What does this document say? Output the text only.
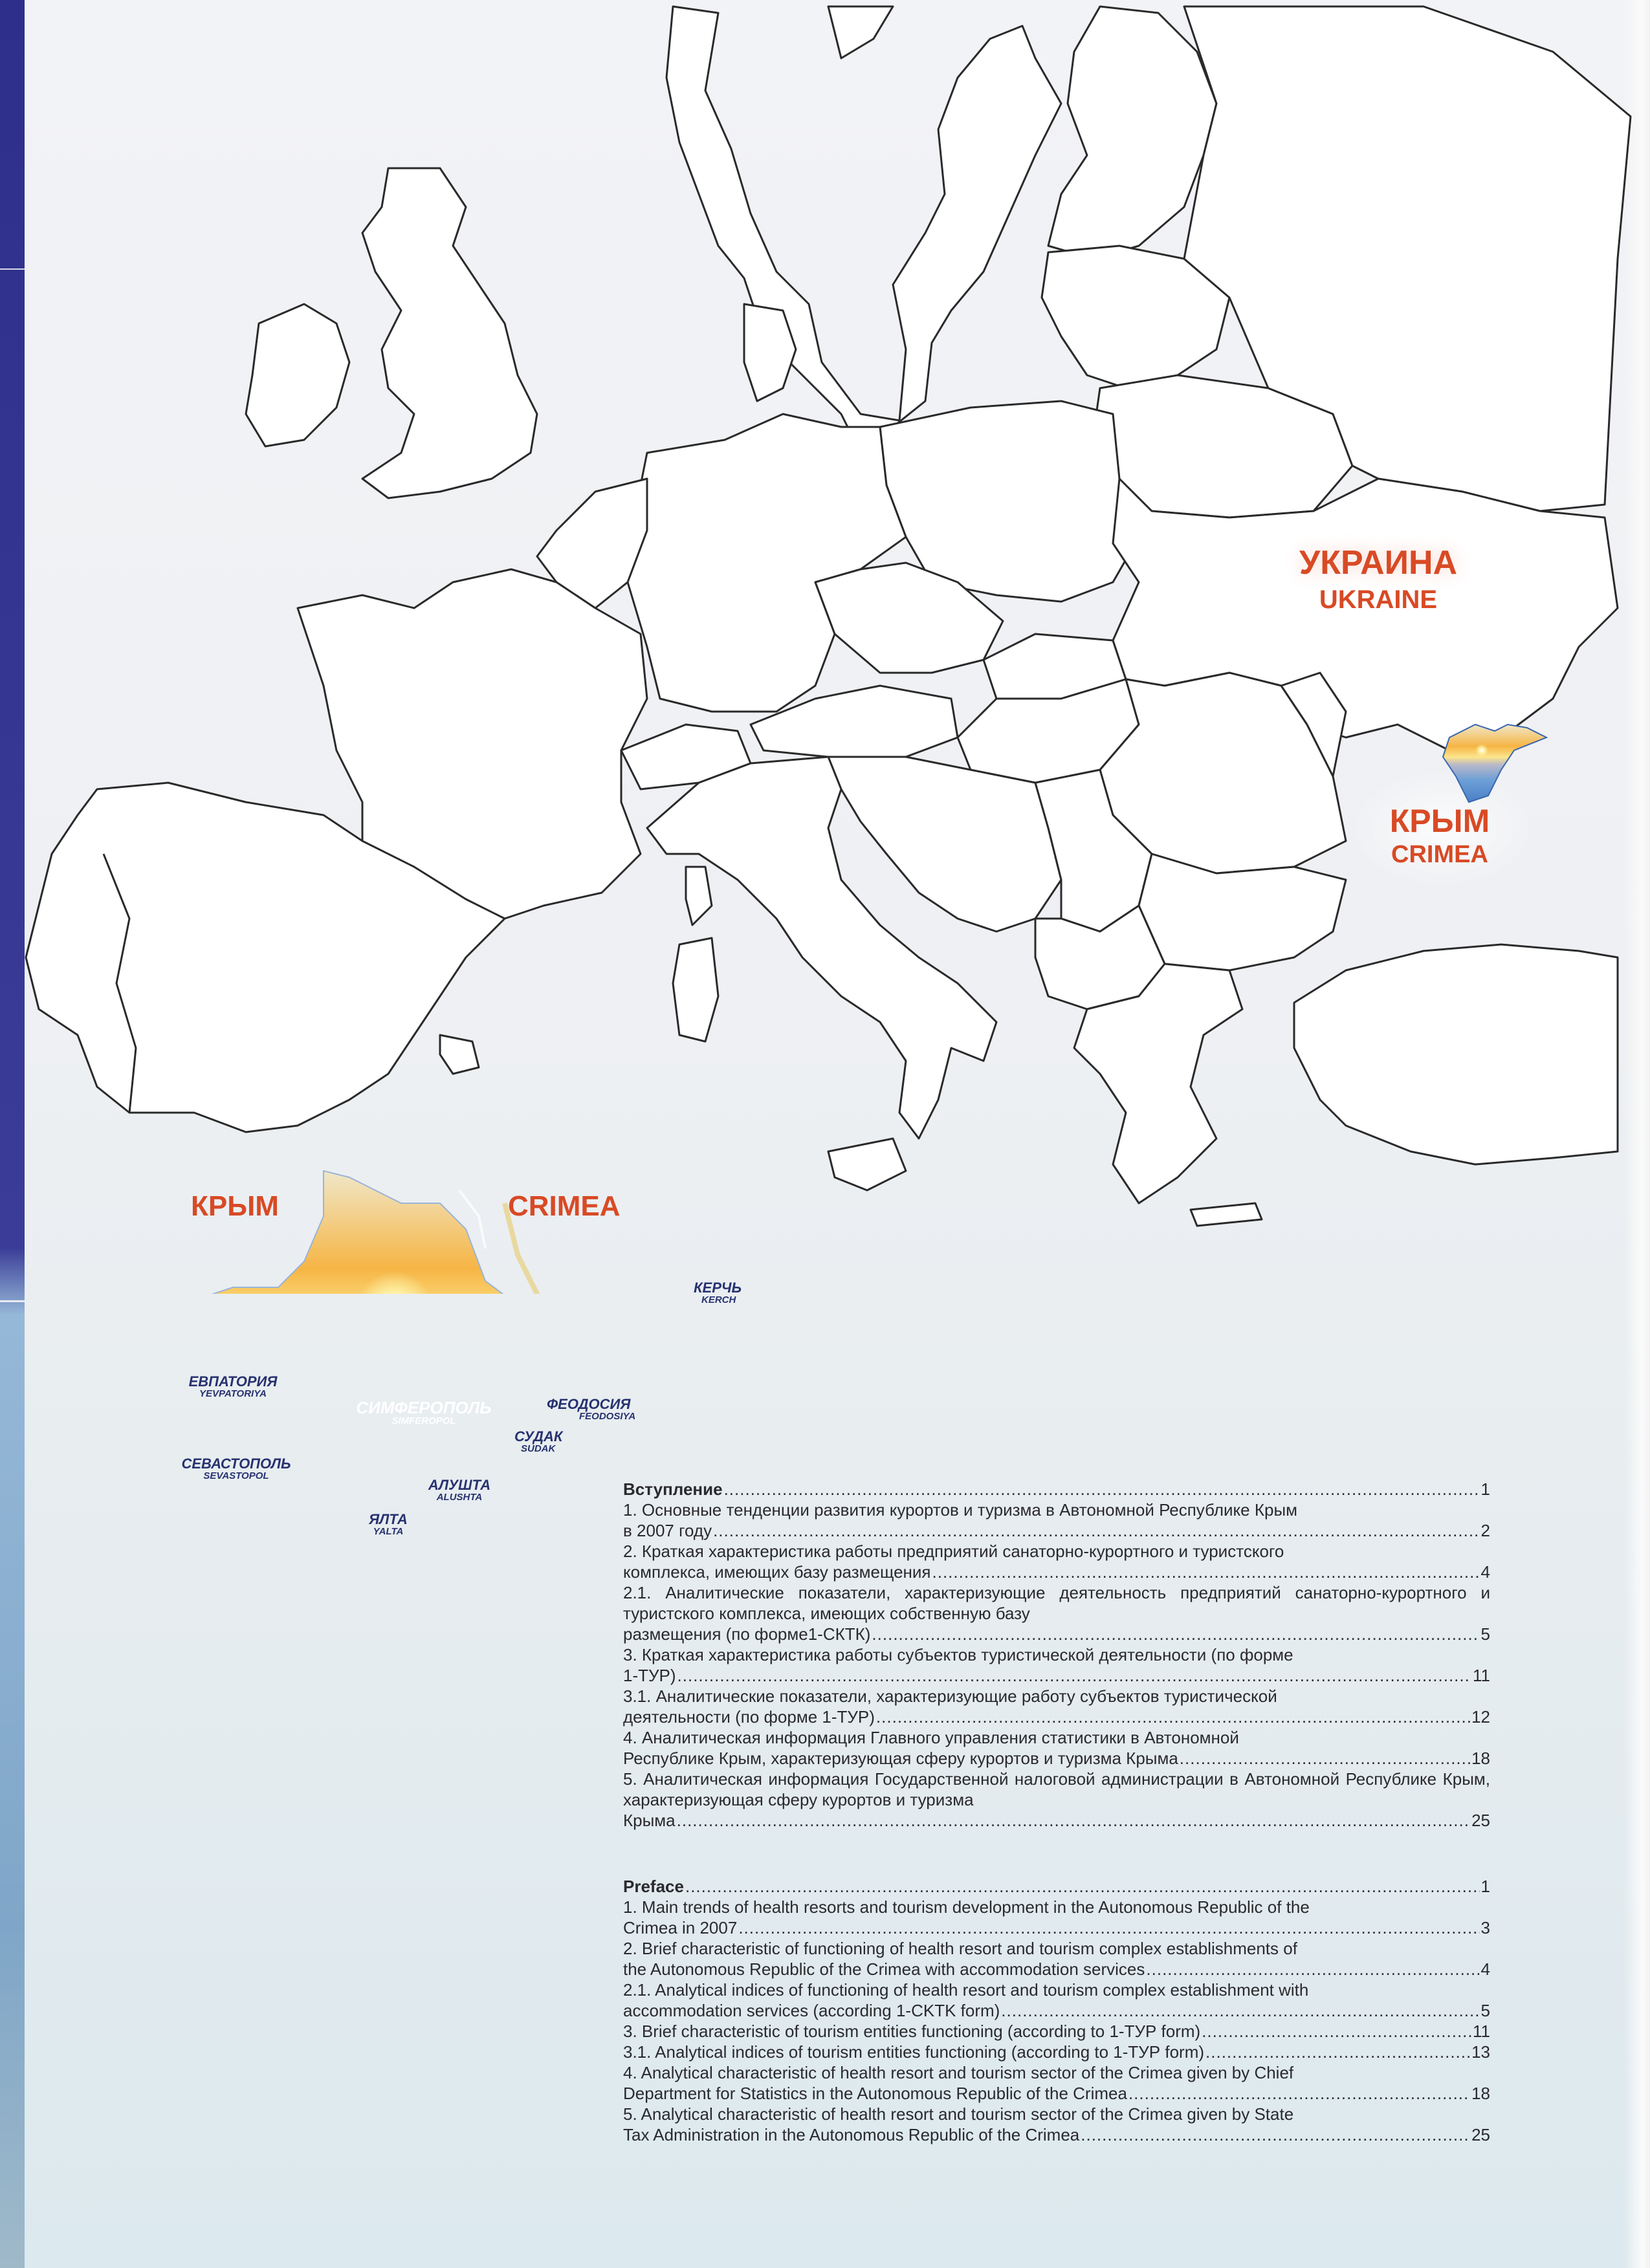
УКРАИНА

UKRAINE

КРЫМ

CRIMEA

КРЫМ	CRIMEA

КЕРЧЬ
KERCH
ЕВПАТОРИЯ
YEVPATORIYA
СИМФЕРОПОЛЬ
SIMFEROPOL
ФЕОДОСИЯ
FEODOSIYA
СУДАК
SUDAK
СЕВАСТОПОЛЬ
SEVASTOPOL
АЛУШТА
ALUSHTA
ЯЛТА
YALTA
Вступление .....	1
1. Основные тенденции развития курортов и туризма в Автономной Республике Крым
в 2007 году .....	2
2. Краткая характеристика работы предприятий санаторно-курортного и туристского
комплекса, имеющих базу размещения .....	4
2.1. Аналитические показатели, характеризующие деятельность предприятий санаторно-курортного и туристского комплекса, имеющих собственную базу
размещения (по форме1-СКТК) .....	5
3. Краткая характеристика работы субъектов туристической деятельности (по форме
1-ТУР) .....	11
3.1. Аналитические показатели, характеризующие работу субъектов туристической
деятельности (по форме 1-ТУР) .....	12
4. Аналитическая информация Главного управления статистики в Автономной
Республике Крым, характеризующая сферу курортов и туризма Крыма .....	18
5. Аналитическая информация Государственной налоговой администрации в Автономной Республике Крым, характеризующая сферу курортов и туризма
Крыма .....	25
Preface .....	1
1. Main trends of health resorts and tourism development in the Autonomous Republic of the
Crimea in 2007 .....	3
2. Brief characteristic of functioning of health resort and tourism complex establishments of
the Autonomous Republic of the Crimea with accommodation services .....	4
2.1. Analytical indices of functioning of health resort and tourism complex establishment with
accommodation services (according 1-CKTK form) .....	5
3. Brief characteristic of tourism entities functioning (according to 1-ТУР form) .....	11
3.1. Analytical indices of tourism entities functioning (according to 1-ТУР form) .....	13
4. Analytical characteristic of health resort and tourism sector of the Crimea given by Chief
Department for Statistics in the Autonomous Republic of the Crimea .....	18
5. Analytical characteristic of health resort and tourism sector of the Crimea given by State
Tax Administration in the Autonomous Republic of the Crimea .....	25
